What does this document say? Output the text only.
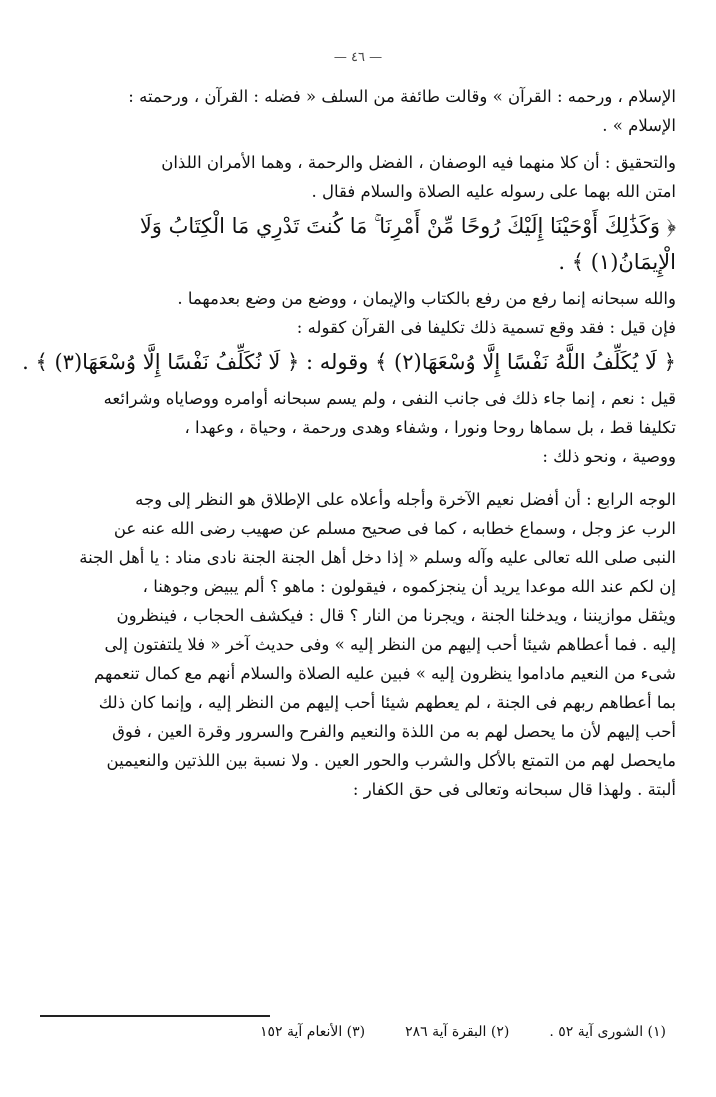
— ٤٦ —

الإسلام ، ورحمه : القرآن » وقالت طائفة من السلف « فضله : القرآن ، ورحمته :
الإسلام » .

والتحقيق : أن كلا منهما فيه الوصفان ، الفضل والرحمة ، وهما الأمران اللذان
امتن الله بهما على رسوله عليه الصلاة والسلام فقال .

﴿ وَكَذَٰلِكَ أَوْحَيْنَا إِلَيْكَ رُوحًا مِّنْ أَمْرِنَا ۚ مَا كُنتَ تَدْرِي مَا الْكِتَابُ وَلَا
الْإِيمَانُ(١) ﴾ .

والله سبحانه إنما رفع من رفع بالكتاب والإيمان ، ووضع من وضع بعدمهما .

فإن قيل : فقد وقع تسمية ذلك تكليفا فى القرآن كقوله :

﴿ لَا يُكَلِّفُ اللَّهُ نَفْسًا إِلَّا وُسْعَهَا(٢) ﴾ وقوله : ﴿ لَا نُكَلِّفُ نَفْسًا إِلَّا وُسْعَهَا(٣) ﴾ .

قيل : نعم ، إنما جاء ذلك فى جانب النفى ، ولم يسم سبحانه أوامره ووصاياه وشرائعه
تكليفا قط ، بل سماها روحا ونورا ، وشفاء وهدى ورحمة ، وحياة ، وعهدا ،
ووصية ، ونحو ذلك :

الوجه الرابع : أن أفضل نعيم الآخرة وأجله وأعلاه على الإطلاق هو النظر إلى وجه
الرب عز وجل ، وسماع خطابه ، كما فى صحيح مسلم عن صهيب رضى الله عنه عن
النبى صلى الله تعالى عليه وآله وسلم « إذا دخل أهل الجنة الجنة نادى مناد : يا أهل الجنة
إن لكم عند الله موعدا يريد أن ينجزكموه ، فيقولون : ماهو ؟ ألم يبيض وجوهنا ،
ويثقل موازيننا ، ويدخلنا الجنة ، ويجرنا من النار ؟ قال : فيكشف الحجاب ، فينظرون
إليه . فما أعطاهم شيئا أحب إليهم من النظر إليه » وفى حديث آخر « فلا يلتفتون إلى
شىء من النعيم ماداموا ينظرون إليه » فبين عليه الصلاة والسلام أنهم مع كمال تنعمهم
بما أعطاهم ربهم فى الجنة ، لم يعطهم شيئا أحب إليهم من النظر إليه ، وإنما كان ذلك
أحب إليهم لأن ما يحصل لهم به من اللذة والنعيم والفرح والسرور وقرة العين ، فوق
مايحصل لهم من التمتع بالأكل والشرب والحور العين . ولا نسبة بين اللذتين والنعيمين
ألبتة . ولهذا قال سبحانه وتعالى فى حق الكفار :

(١) الشورى آية ٥٢ .
(٢) البقرة آية ٢٨٦
(٣) الأنعام آية ١٥٢
